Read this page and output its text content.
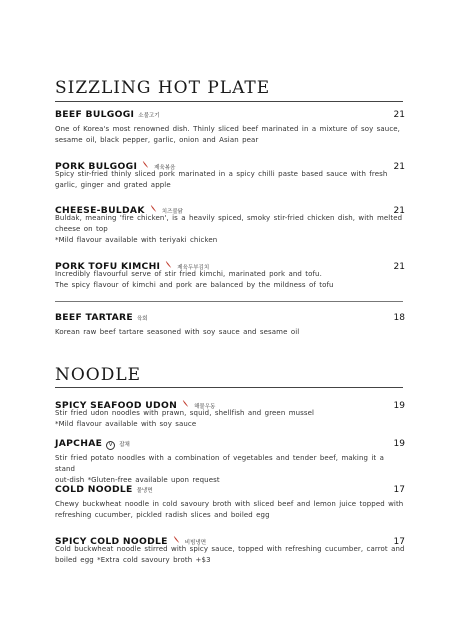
SIZZLING HOT PLATE
BEEF BULGOGI 소불고기	21

One of Korea's most renowned dish. Thinly sliced beef marinated in a mixture of soy sauce,
sesame oil, black pepper, garlic, onion and Asian pear

PORK BULGOGI	제육볶음	21

Spicy stir-fried thinly sliced pork marinated in a spicy chilli paste based sauce with fresh
garlic, ginger and grated apple

CHEESE-BULDAK	치즈불닭	21

Buldak, meaning 'fire chicken', is a heavily spiced, smoky stir-fried chicken dish, with melted
cheese on top
*Mild flavour available with teriyaki chicken

PORK TOFU KIMCHI	제육두부김치	21

Incredibly flavourful serve of stir fried kimchi, marinated pork and tofu.
The spicy flavour of kimchi and pork are balanced by the mildness of tofu

BEEF TARTARE 육회	18

Korean raw beef tartare seasoned with soy sauce and sesame oil

NOODLE
SPICY SEAFOOD UDON	해물우동	19

Stir fried udon noodles with prawn, squid, shellfish and green mussel
*Mild flavour available with soy sauce

JAPCHAE	V	잡채	19

Stir fried potato noodles with a combination of vegetables and tender beef, making it a stand
out-dish *Gluten-free available upon request

COLD NOODLE 물냉면	17

Chewy buckwheat noodle in cold savoury broth with sliced beef and lemon juice topped with
refreshing cucumber, pickled radish slices and boiled egg

SPICY COLD NOODLE	비빔냉면	17

Cold buckwheat noodle stirred with spicy sauce, topped with refreshing cucumber, carrot and
boiled egg *Extra cold savoury broth +$3
